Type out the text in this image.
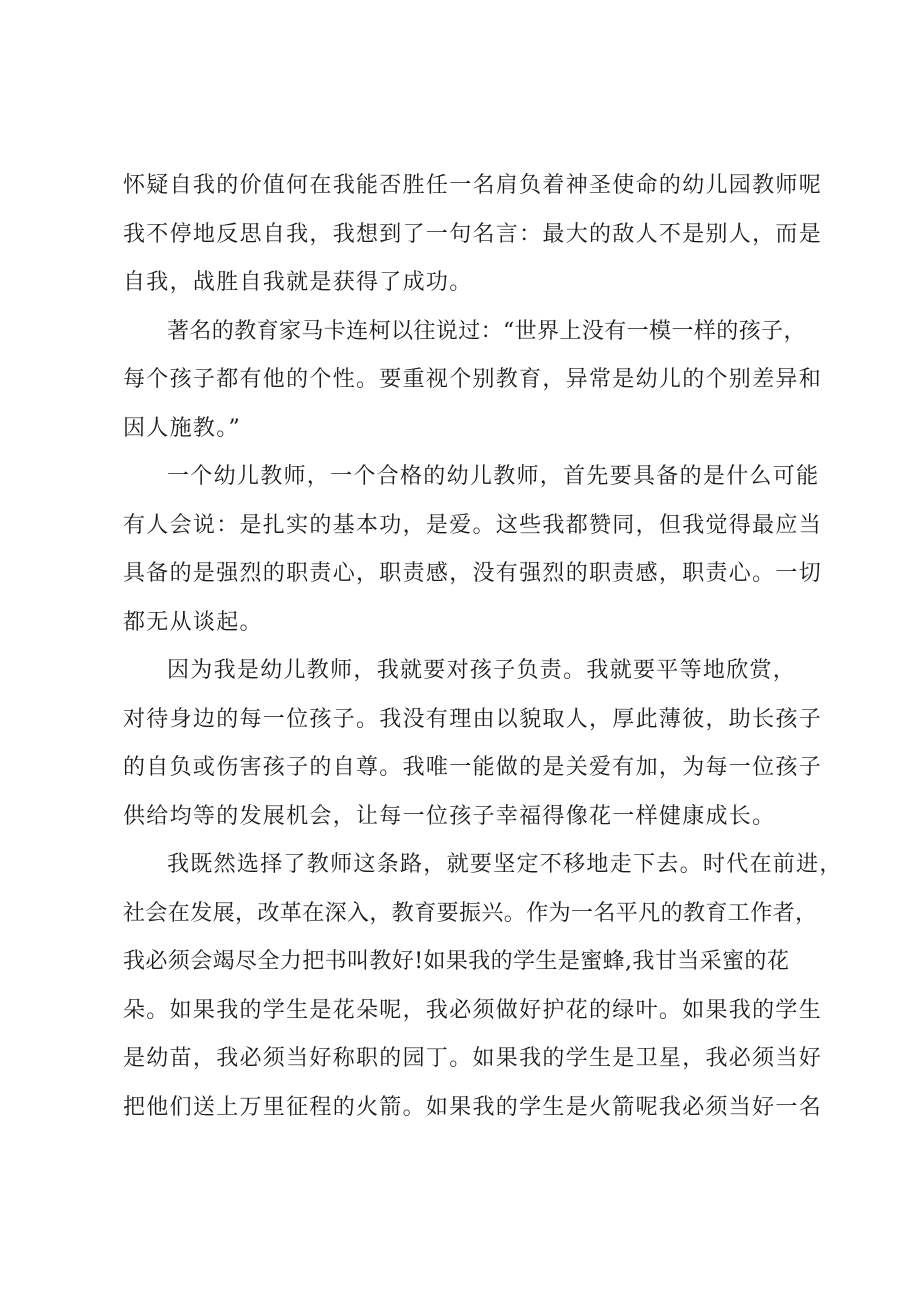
怀疑自我的价值何在我能否胜任一名肩负着神圣使命的幼儿园教师呢
我不停地反思自我，我想到了一句名言：最大的敌人不是别人，而是
自我，战胜自我就是获得了成功。
著名的教育家马卡连柯以往说过：“世界上没有一模一样的孩子，
每个孩子都有他的个性。要重视个别教育，异常是幼儿的个别差异和
因人施教。”
一个幼儿教师，一个合格的幼儿教师，首先要具备的是什么可能
有人会说：是扎实的基本功，是爱。这些我都赞同，但我觉得最应当
具备的是强烈的职责心，职责感，没有强烈的职责感，职责心。一切
都无从谈起。
因为我是幼儿教师，我就要对孩子负责。我就要平等地欣赏，
对待身边的每一位孩子。我没有理由以貌取人，厚此薄彼，助长孩子
的自负或伤害孩子的自尊。我唯一能做的是关爱有加，为每一位孩子
供给均等的发展机会，让每一位孩子幸福得像花一样健康成长。
我既然选择了教师这条路，就要坚定不移地走下去。时代在前进，
社会在发展，改革在深入，教育要振兴。作为一名平凡的教育工作者，
我必须会竭尽全力把书叫教好!如果我的学生是蜜蜂,我甘当采蜜的花
朵。如果我的学生是花朵呢，我必须做好护花的绿叶。如果我的学生
是幼苗，我必须当好称职的园丁。如果我的学生是卫星，我必须当好
把他们送上万里征程的火箭。如果我的学生是火箭呢我必须当好一名
